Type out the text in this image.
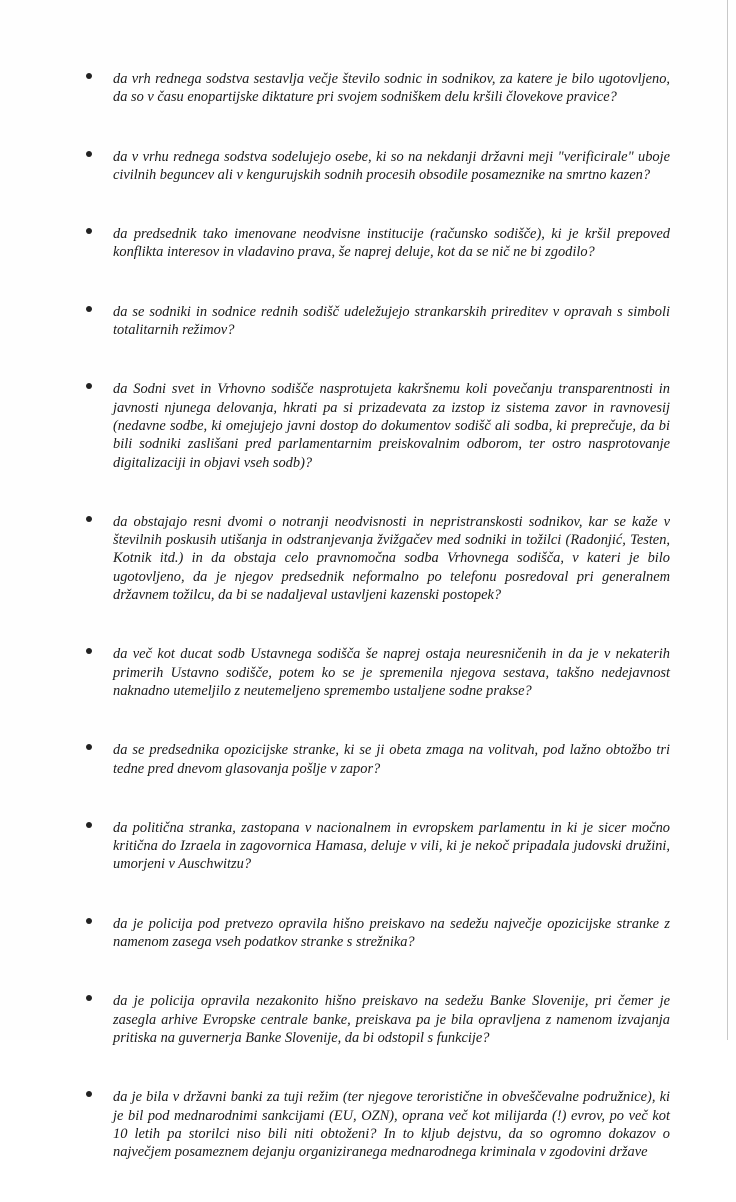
da vrh rednega sodstva sestavlja večje število sodnic in sodnikov, za katere je bilo ugotovljeno, da so v času enopartijske diktature pri svojem sodniškem delu kršili človekove pravice?
da v vrhu rednega sodstva sodelujejo osebe, ki so na nekdanji državni meji "verificirale" uboje civilnih beguncev ali v kengurujskih sodnih procesih obsodile posameznike na smrtno kazen?
da predsednik tako imenovane neodvisne institucije (računsko sodišče), ki je kršil prepoved konflikta interesov in vladavino prava, še naprej deluje, kot da se nič ne bi zgodilo?
da se sodniki in sodnice rednih sodišč udeležujejo strankarskih prireditev v opravah s simboli totalitarnih režimov?
da Sodni svet in Vrhovno sodišče nasprotujeta kakršnemu koli povečanju transparentnosti in javnosti njunega delovanja, hkrati pa si prizadevata za izstop iz sistema zavor in ravnovesij (nedavne sodbe, ki omejujejo javni dostop do dokumentov sodišč ali sodba, ki preprečuje, da bi bili sodniki zaslišani pred parlamentarnim preiskovalnim odborom, ter ostro nasprotovanje digitalizaciji in objavi vseh sodb)?
da obstajajo resni dvomi o notranji neodvisnosti in nepristranskosti sodnikov, kar se kaže v številnih poskusih utišanja in odstranjevanja žvižgačev med sodniki in tožilci (Radonjić, Testen, Kotnik itd.) in da obstaja celo pravnomočna sodba Vrhovnega sodišča, v kateri je bilo ugotovljeno, da je njegov predsednik neformalno po telefonu posredoval pri generalnem državnem tožilcu, da bi se nadaljeval ustavljeni kazenski postopek?
da več kot ducat sodb Ustavnega sodišča še naprej ostaja neuresničenih in da je v nekaterih primerih Ustavno sodišče, potem ko se je spremenila njegova sestava, takšno nedejavnost naknadno utemeljilo z neutemeljeno spremembo ustaljene sodne prakse?
da se predsednika opozicijske stranke, ki se ji obeta zmaga na volitvah, pod lažno obtožbo tri tedne pred dnevom glasovanja pošlje v zapor?
da politična stranka, zastopana v nacionalnem in evropskem parlamentu in ki je sicer močno kritična do Izraela in zagovornica Hamasa, deluje v vili, ki je nekoč pripadala judovski družini, umorjeni v Auschwitzu?
da je policija pod pretvezo opravila hišno preiskavo na sedežu največje opozicijske stranke z namenom zasega vseh podatkov stranke s strežnika?
da je policija opravila nezakonito hišno preiskavo na sedežu Banke Slovenije, pri čemer je zasegla arhive Evropske centrale banke, preiskava pa je bila opravljena z namenom izvajanja pritiska na guvernerja Banke Slovenije, da bi odstopil s funkcije?
da je bila v državni banki za tuji režim (ter njegove teroristične in obveščevalne podružnice), ki je bil pod mednarodnimi sankcijami (EU, OZN), oprana več kot milijarda (!) evrov, po več kot 10 letih pa storilci niso bili niti obtoženi? In to kljub dejstvu, da so ogromno dokazov o največjem posameznem dejanju organiziranega mednarodnega kriminala v zgodovini države
